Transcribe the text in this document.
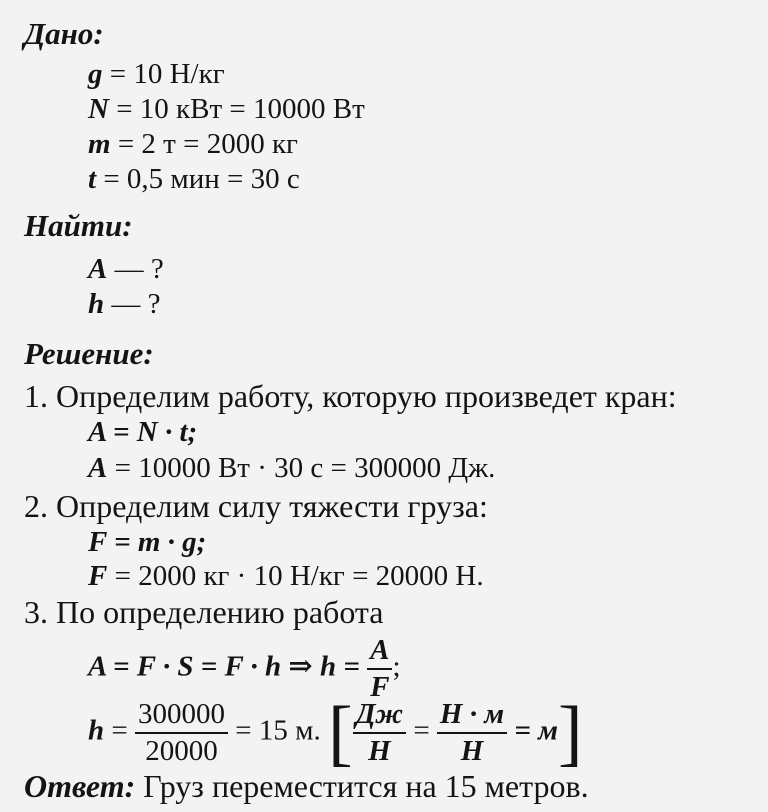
Дано:
g = 10 Н/кг
N = 10 кВт = 10000 Вт
m = 2 т = 2000 кг
t = 0,5 мин = 30 с
Найти:
A — ?
h — ?
Решение:
1. Определим работу, которую произведет кран:
A = N · t;
A = 10000 Вт · 30 с = 300000 Дж.
2. Определим силу тяжести груза:
F = m · g;
F = 2000 кг · 10 Н/кг = 20000 Н.
3. По определению работа
A = F · S = F · h ⇒ $h = \frac{A}{F}$ ;
$h = \frac{300000}{20000} = 15$ м. [ $\frac{Дж}{Н} = \frac{Н \cdot м}{Н} = м$]
Ответ: Груз переместится на 15 метров.
